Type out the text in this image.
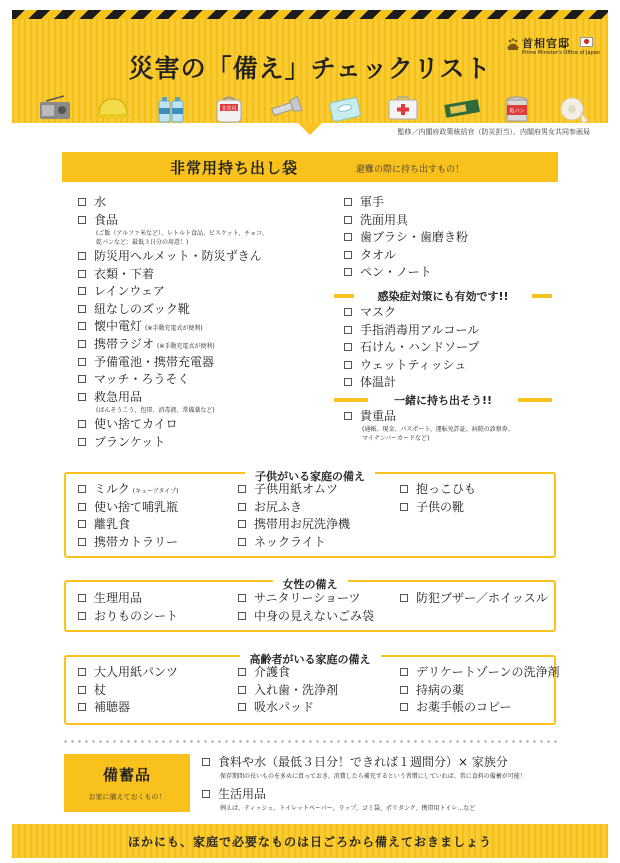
災害の「備え」チェックリスト
首相官邸
Prime Minister's Office of Japan
非常用	乾パン
監修／内閣府政策統括官（防災担当）、内閣府男女共同参画局
非常用持ち出し袋	避難の際に持ち出すもの！
感染症対策にも有効です!!
一緒に持ち出そう!!
貴重品
(通帳、現金、パスポート、運転免許証、病院の診察券、
マイナンバーカードなど)
子供がいる家庭の備え
女性の備え
高齢者がいる家庭の備え
備蓄品
お家に備えておくもの！
食料や水（最低３日分！できれば１週間分）× 家族分
保存期間の長いものを多めに買っておき、消費したら補充するという習慣にしていれば、常に食料の備蓄が可能！
生活用品
例えば、ティッシュ、トイレットペーパー、ラップ、ゴミ袋、ポリタンク、携帯用トイレ…など
ほかにも、家庭で必要なものは日ごろから備えておきましょう
水
食品
(ご飯（アルファ米など）、レトルト食品、ビスケット、チョコ、
乾パンなど：最低３日分の用意！)
防災用ヘルメット・防災ずきん
衣類・下着
レインウェア
紐なしのズック靴
懐中電灯 (※手動充電式が便利)
携帯ラジオ (※手動充電式が便利)
予備電池・携帯充電器
マッチ・ろうそく
救急用品
(ばんそうこう、包帯、消毒液、常備薬など)
使い捨てカイロ
ブランケット
軍手
洗面用具
歯ブラシ・歯磨き粉
タオル
ペン・ノート
マスク
手指消毒用アルコール
石けん・ハンドソープ
ウェットティッシュ
体温計
ミルク (キューブタイプ)
使い捨て哺乳瓶
離乳食
携帯カトラリー
子供用紙オムツ
お尻ふき
携帯用お尻洗浄機
ネックライト
抱っこひも
子供の靴
生理用品
おりものシート
サニタリーショーツ
中身の見えないごみ袋
防犯ブザー／ホイッスル
大人用紙パンツ
杖
補聴器
介護食
入れ歯・洗浄剤
吸水パッド
デリケートゾーンの洗浄剤
持病の薬
お薬手帳のコピー
